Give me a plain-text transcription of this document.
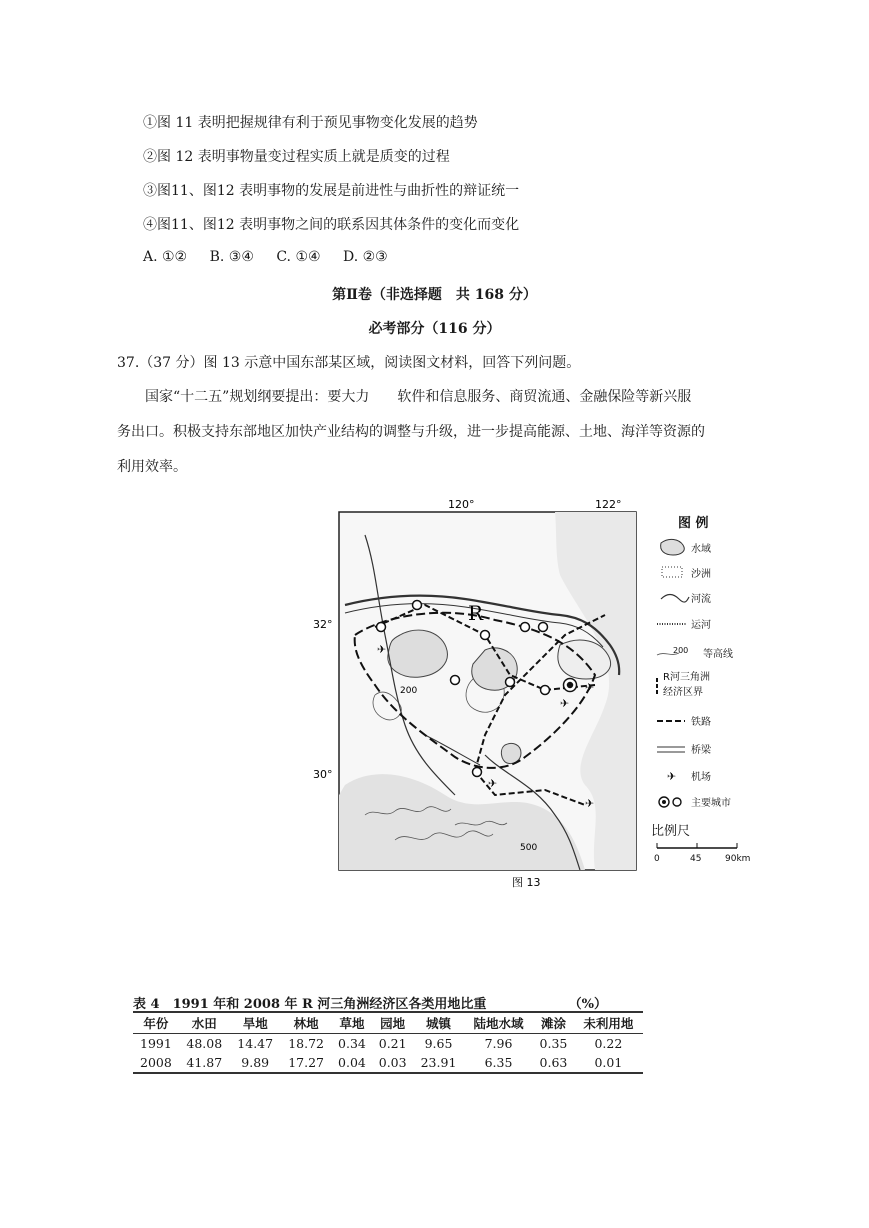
①图 11 表明把握规律有利于预见事物变化发展的趋势
②图 12 表明事物量变过程实质上就是质变的过程
③图11、图12 表明事物的发展是前进性与曲折性的辩证统一
④图11、图12 表明事物之间的联系因其体条件的变化而变化
A. ①② B. ③④ C. ①④ D. ②③
第Ⅱ卷（非选择题　共 168 分）
必考部分（116 分）
37.（37 分）图 13 示意中国东部某区域，阅读图文材料，回答下列问题。
国家“十二五”规划纲要提出：要大力　　软件和信息服务、商贸流通、金融保险等新兴服
务出口。积极支持东部地区加快产业结构的调整与升级，进一步提高能源、土地、海洋等资源的
利用效率。
✈
✈
✈
✈
✈
32°
30°
120°	122°
R
200
500
图 例
水域
沙洲
河流
运河
200 等高线
R河三角洲
经济区界
铁路
桥梁
✈ 机场
主要城市
比例尺
0	45	90km
图 13
表 4　1991 年和 2008 年 R 河三角洲经济区各类用地比重	（%）
年份	水田	旱地	林地	草地	园地	城镇	陆地水域	滩涂	未利用地
1991	48.08	14.47	18.72	0.34	0.21	9.65	7.96	0.35	0.22
2008	41.87	9.89	17.27	0.04	0.03	23.91	6.35	0.63	0.01
